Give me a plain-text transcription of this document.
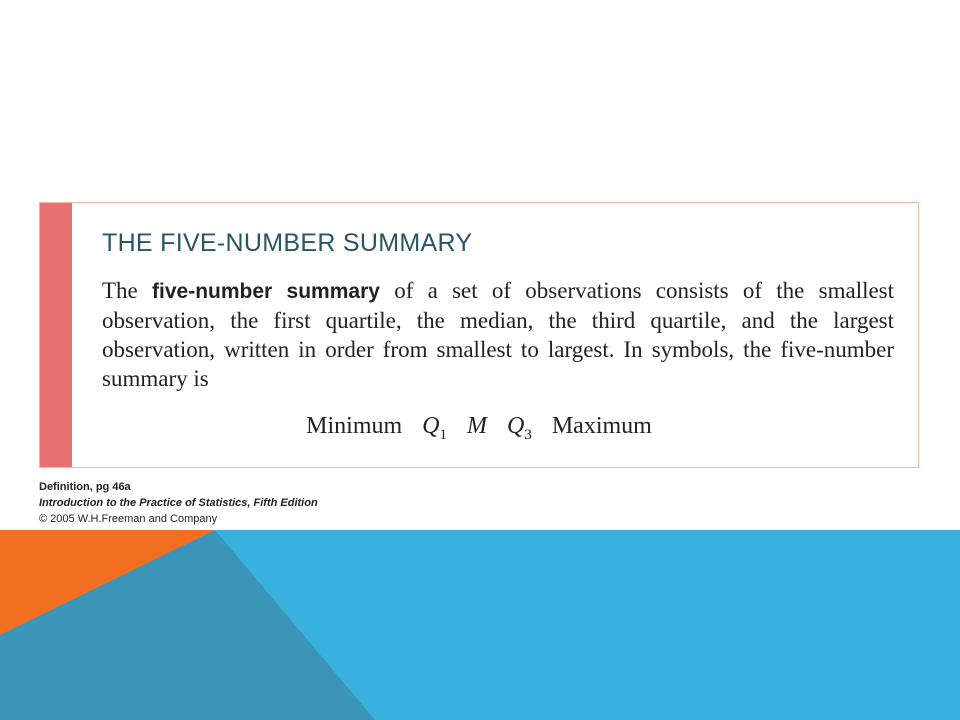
THE FIVE-NUMBER SUMMARY

The five-number summary of a set of observations consists of the smallest observation, the first quartile, the median, the third quartile, and the largest observation, written in order from smallest to largest. In symbols, the five-number summary is

Minimum $Q_1$ M $Q_3$ Maximum
Definition, pg 46a
Introduction to the Practice of Statistics, Fifth Edition
© 2005 W.H.Freeman and Company
